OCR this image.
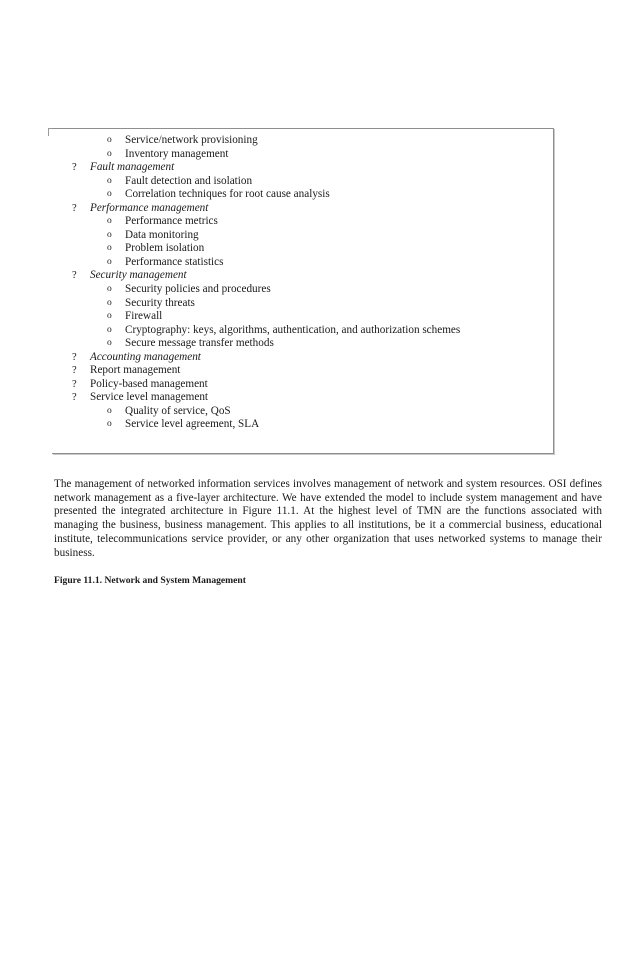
o Service/network provisioning
o Inventory management
? Fault management
o Fault detection and isolation
o Correlation techniques for root cause analysis
? Performance management
o Performance metrics
o Data monitoring
o Problem isolation
o Performance statistics
? Security management
o Security policies and procedures
o Security threats
o Firewall
o Cryptography: keys, algorithms, authentication, and authorization schemes
o Secure message transfer methods
? Accounting management
? Report management
? Policy-based management
? Service level management
o Quality of service, QoS
o Service level agreement, SLA

The management of networked information services involves management of network and system resources. OSI defines network management as a five-layer architecture. We have extended the model to include system management and have presented the integrated architecture in Figure 11.1. At the highest level of TMN are the functions associated with managing the business, business management. This applies to all institutions, be it a commercial business, educational institute, telecommunications service provider, or any other organization that uses networked systems to manage their business.

Figure 11.1. Network and System Management
